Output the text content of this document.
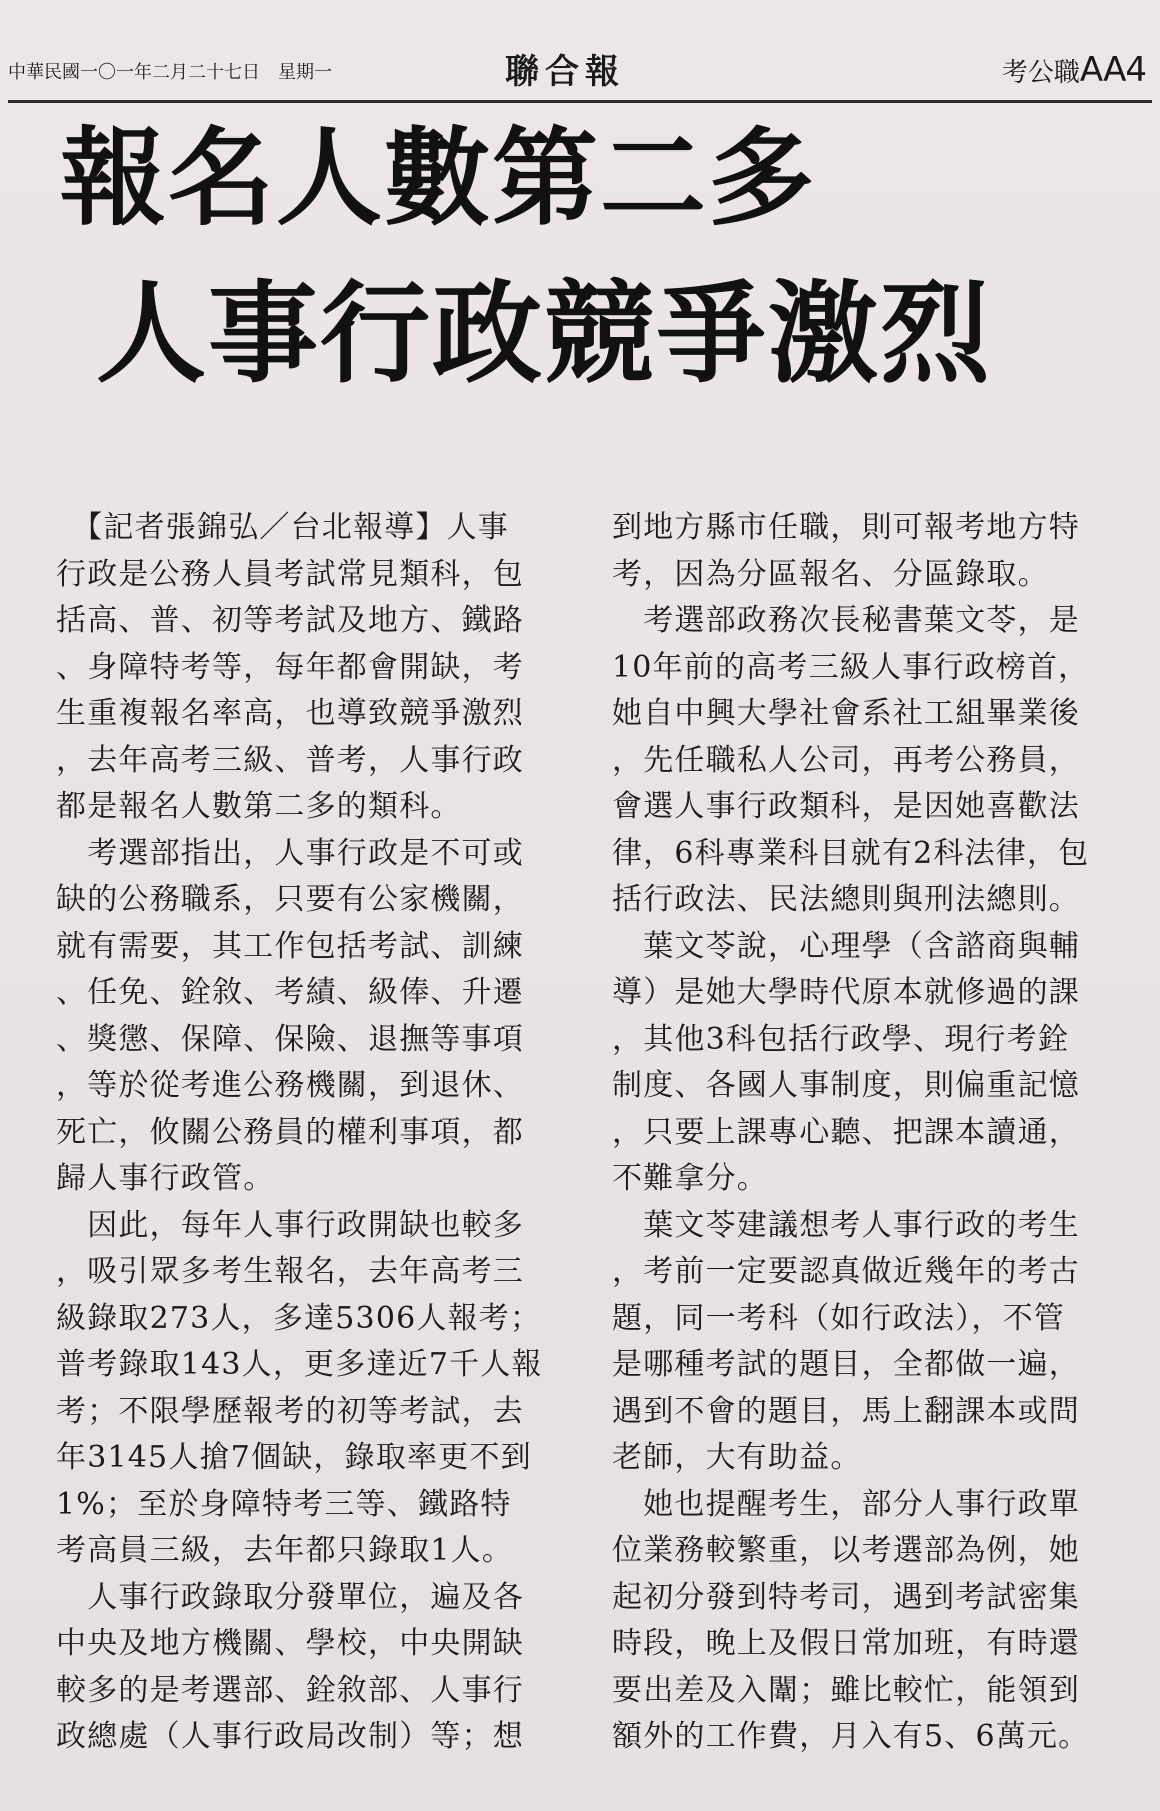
中華民國一〇一年二月二十七日　星期一	聯合報	考公職AA4
報名人數第二多
人事行政競爭激烈

　【記者張錦弘／台北報導】人事

行政是公務人員考試常見類科，包

括高、普、初等考試及地方、鐵路

、身障特考等，每年都會開缺，考

生重複報名率高，也導致競爭激烈

，去年高考三級、普考，人事行政

都是報名人數第二多的類科。

　考選部指出，人事行政是不可或

缺的公務職系，只要有公家機關，

就有需要，其工作包括考試、訓練

、任免、銓敘、考績、級俸、升遷

、獎懲、保障、保險、退撫等事項

，等於從考進公務機關，到退休、

死亡，攸關公務員的權利事項，都

歸人事行政管。

　因此，每年人事行政開缺也較多

，吸引眾多考生報名，去年高考三

級錄取273人，多達5306人報考；

普考錄取143人，更多達近7千人報

考；不限學歷報考的初等考試，去

年3145人搶7個缺，錄取率更不到

1%；至於身障特考三等、鐵路特

考高員三級，去年都只錄取1人。

　人事行政錄取分發單位，遍及各

中央及地方機關、學校，中央開缺

較多的是考選部、銓敘部、人事行

政總處（人事行政局改制）等；想

到地方縣市任職，則可報考地方特

考，因為分區報名、分區錄取。

　考選部政務次長秘書葉文苓，是

10年前的高考三級人事行政榜首，

她自中興大學社會系社工組畢業後

，先任職私人公司，再考公務員，

會選人事行政類科，是因她喜歡法

律，6科專業科目就有2科法律，包

括行政法、民法總則與刑法總則。

　葉文苓說，心理學（含諮商與輔

導）是她大學時代原本就修過的課

，其他3科包括行政學、現行考銓

制度、各國人事制度，則偏重記憶

，只要上課專心聽、把課本讀通，

不難拿分。

　葉文苓建議想考人事行政的考生

，考前一定要認真做近幾年的考古

題，同一考科（如行政法），不管

是哪種考試的題目，全都做一遍，

遇到不會的題目，馬上翻課本或問

老師，大有助益。

　她也提醒考生，部分人事行政單

位業務較繁重，以考選部為例，她

起初分發到特考司，遇到考試密集

時段，晚上及假日常加班，有時還

要出差及入闈；雖比較忙，能領到

額外的工作費，月入有5、6萬元。
